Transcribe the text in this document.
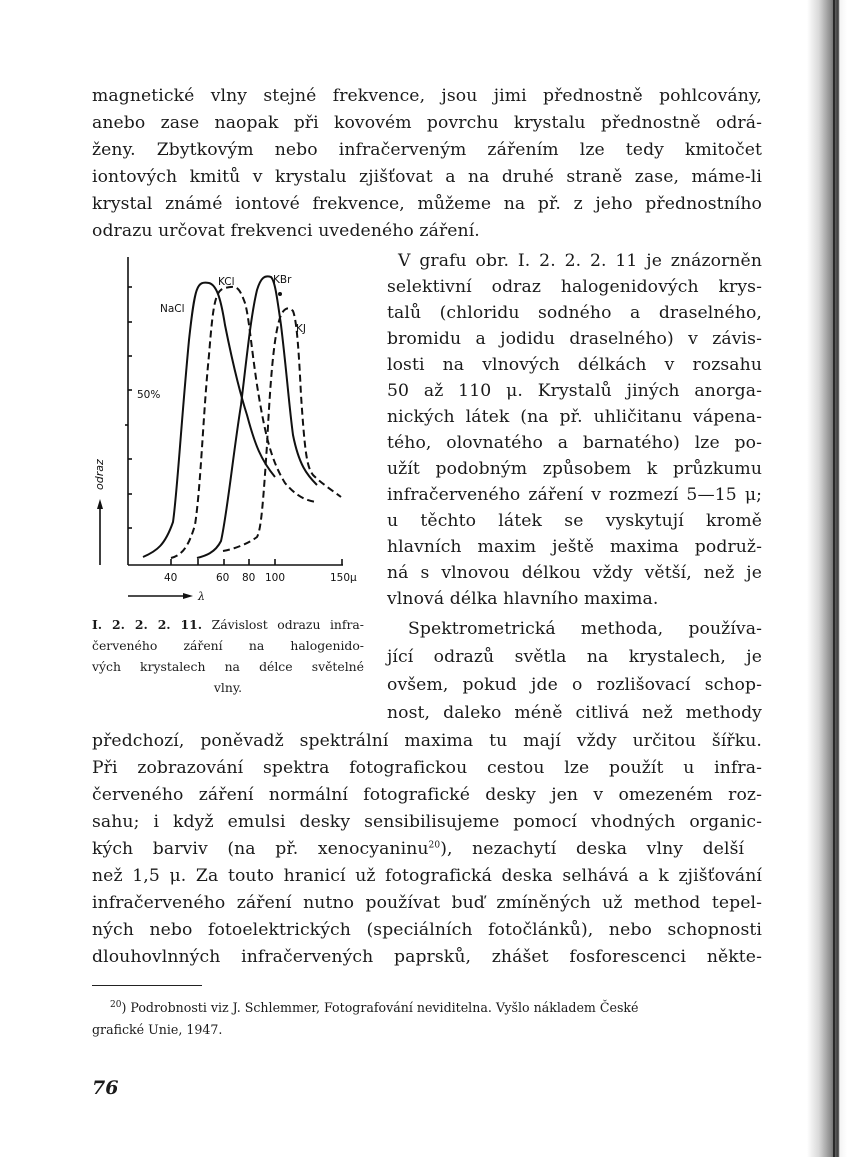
magnetické vlny stejné frekvence, jsou jimi přednostně pohlcovány,
anebo zase naopak při kovovém povrchu krystalu přednostně odrá-
ženy. Zbytkovým nebo infračerveným zářením lze tedy kmitočet
iontových kmitů v krystalu zjišťovat a na druhé straně zase, máme-li
krystal známé iontové frekvence, můžeme na př. z jeho přednostního
odrazu určovat frekvenci uvedeného záření.
odraz
50%
40	60 80 100	150μ
λ
NaCl
KCl	KBr
KJ
I. 2. 2. 2. 11. Závislost odrazu infra-
červeného záření na halogenido-
vých krystalech na délce světelné
vlny.
V grafu obr. I. 2. 2. 2. 11 je znázorněn
selektivní odraz halogenidových krys-
talů (chloridu sodného a draselného,
bromidu a jodidu draselného) v závis-
losti na vlnových délkách v rozsahu
50 až 110 μ. Krystalů jiných anorga-
nických látek (na př. uhličitanu vápena-
tého, olovnatého a barnatého) lze po-
užít podobným způsobem k průzkumu
infračerveného záření v rozmezí 5—15 μ;
u těchto látek se vyskytují kromě
hlavních maxim ještě maxima podruž-
ná s vlnovou délkou vždy větší, než je
vlnová délka hlavního maxima.
Spektrometrická methoda, používa-
jící odrazů světla na krystalech, je
ovšem, pokud jde o rozlišovací schop-
nost, daleko méně citlivá než methody
předchozí, poněvadž spektrální maxima tu mají vždy určitou šířku.
Při zobrazování spektra fotografickou cestou lze použít u infra-
červeného záření normální fotografické desky jen v omezeném roz-
sahu; i když emulsi desky sensibilisujeme pomocí vhodných organic-
kých barviv (na př. xenocyaninu$^{20}$), nezachytí deska vlny delší
než 1,5 μ. Za touto hranicí už fotografická deska selhává a k zjišťování
infračerveného záření nutno používat buď zmíněných už method tepel-
ných nebo fotoelektrických (speciálních fotočlánků), nebo schopnosti
dlouhovlnných infračervených paprsků, zhášet fosforescenci někte-
$^{20}$) Podrobnosti viz J. Schlemmer, Fotografování neviditelna. Vyšlo nákladem České
grafické Unie, 1947.
76
